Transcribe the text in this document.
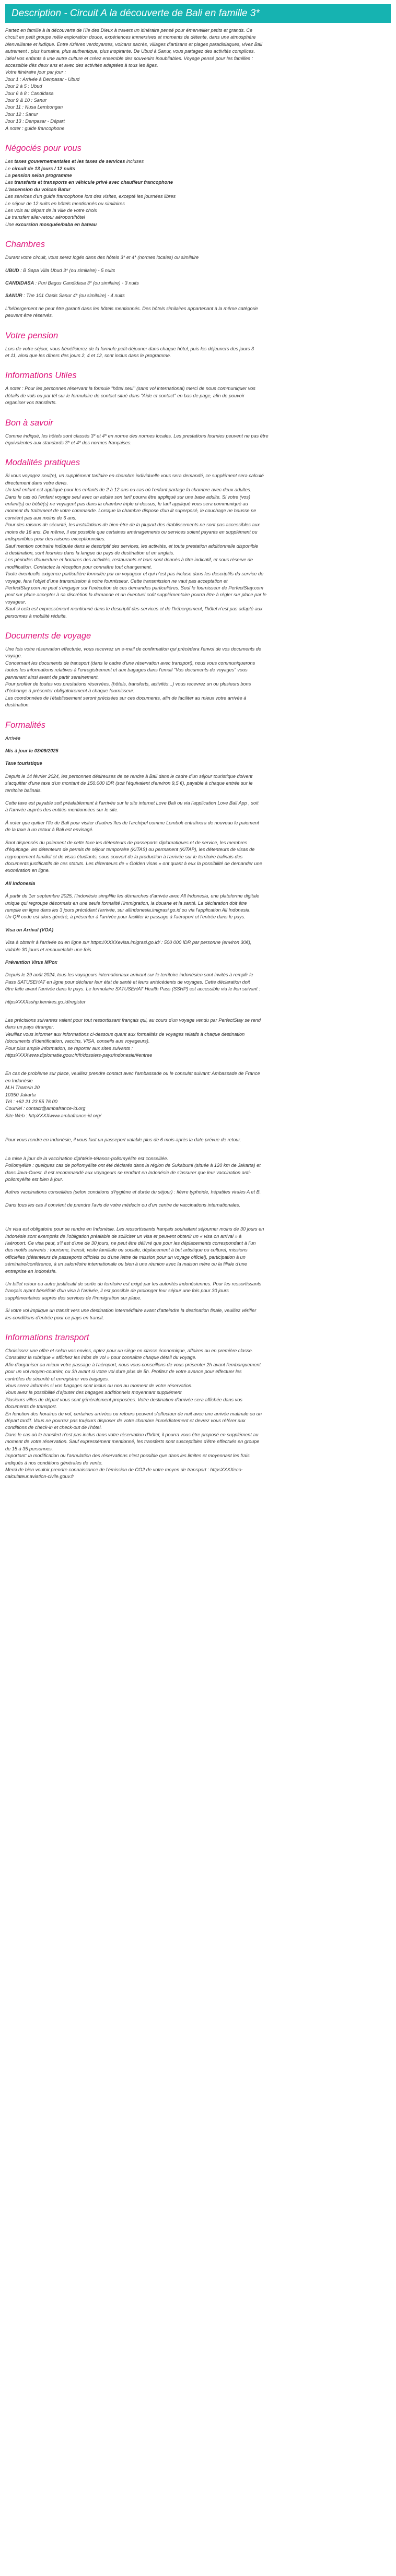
Description - Circuit A la découverte de Bali en famille 3*

Partez en famille à la découverte de l'île des Dieux à travers un itinéraire pensé pour émerveiller petits et grands. Ce

circuit en petit groupe mêle exploration douce, expériences immersives et moments de détente, dans une atmosphère

bienveillante et ludique. Entre rizières verdoyantes, volcans sacrés, villages d'artisans et plages paradisiaques, vivez Bali

autrement : plus humaine, plus authentique, plus inspirante. De Ubud à Sanur, vous partagez des activités complices.

Idéal vos enfants à une autre culture et créez ensemble des souvenirs inoubliables. Voyage pensé pour les familles :

accessible dès deux ans et avec des activités adaptées à tous les âges.

Votre itinéraire jour par jour :

Jour 1 : Arrivée à Denpasar - Ubud

Jour 2 à 5 : Ubud

Jour 6 à 8 : Candidasa

Jour 9 & 10 : Sanur

Jour 11 : Nusa Lembongan

Jour 12 : Sanur

Jour 13 : Denpasar - Départ

À noter : guide francophone

Négociés pour vous

Les taxes gouvernementales et les taxes de services incluses

Le circuit de 13 jours / 12 nuits

La pension selon programme

Les transferts et transports en véhicule privé avec chauffeur francophone

L'ascension du volcan Batur

Les services d'un guide francophone lors des visites, excepté les journées libres

Le séjour de 12 nuits en hôtels mentionnés ou similaires

Les vols au départ de la ville de votre choix

Le transfert aller-retour aéroport/hôtel

Une excursion mosquée/baba en bateau

Chambres

Durant votre circuit, vous serez logés dans des hôtels 3* et 4* (normes locales) ou similaire

UBUD : B Sapa Villa Ubud 3* (ou similaire) - 5 nuits

CANDIDASA : Puri Bagus Candidasa 3* (ou similaire) - 3 nuits

SANUR : The 101 Oasis Sanur 4* (ou similaire) - 4 nuits

L'hébergement ne peut être garanti dans les hôtels mentionnés. Des hôtels similaires appartenant à la même catégorie

peuvent être réservés.

Votre pension

Lors de votre séjour, vous bénéficierez de la formule petit-déjeuner dans chaque hôtel, puis les déjeuners des jours 3

et 11, ainsi que les dîners des jours 2, 4 et 12, sont inclus dans le programme.

Informations Utiles

À noter : Pour les personnes réservant la formule "hôtel seul" (sans vol international) merci de nous communiquer vos

détails de vols ou par tél sur le formulaire de contact situé dans "Aide et contact" en bas de page, afin de pouvoir

organiser vos transferts.

Bon à savoir

Comme indiqué, les hôtels sont classés 3* et 4* en norme des normes locales. Les prestations fournies peuvent ne pas être

équivalentes aux standards 3* et 4* des normes françaises.

Modalités pratiques

Si vous voyagez seul(e), un supplément tarifaire en chambre individuelle vous sera demandé, ce supplément sera calculé

directement dans votre devis.

Un tarif enfant est appliqué pour les enfants de 2 à 12 ans ou cas où l'enfant partage la chambre avec deux adultes.

Dans le cas où l'enfant voyage seul avec un adulte son tarif pourra être appliqué sur une base adulte. Si votre (vos)

enfant(s) ou bébé(s) ne voyagent pas dans la chambre triple ci-dessus, le tarif appliqué vous sera communiqué au

moment du traitement de votre commande. Lorsque la chambre dispose d'un lit superposé, le couchage ne hausse ne

convient pas aux moins de 6 ans.

Pour des raisons de sécurité, les installations de bien-être de la plupart des établissements ne sont pas accessibles aux

moins de 16 ans. De même, il est possible que certaines aménagements ou services soient payants en supplément ou

indisponibles pour des raisons exceptionnelles.

Sauf mention contraire indiquée dans le descriptif des services, les activités, et toute prestation additionnelle disponible

à destination, sont fournies dans la langue du pays de destination et en anglais.

Les périodes d'ouverture et horaires des activités, restaurants et bars sont donnés à titre indicatif, et sous réserve de

modification. Contactez la réception pour connaître tout changement.

Toute éventuelle exigence particulière formulée par un voyageur et qui n'est pas incluse dans les descriptifs du service de

voyage, fera l'objet d'une transmission à notre fournisseur. Cette transmission ne vaut pas acceptation et

PerfectStay.com ne peut s'engager sur l'exécution de ces demandes particulières. Seul le fournisseur de PerfectStay.com

peut sur place accepter à sa discrétion la demande et un éventuel coût supplémentaire pourra être à régler sur place par le

voyageur.

Sauf si cela est expressément mentionné dans le descriptif des services et de l'hébergement, l'hôtel n'est pas adapté aux

personnes à mobilité réduite.

Documents de voyage

Une fois votre réservation effectuée, vous recevrez un e-mail de confirmation qui précèdera l'envoi de vos documents de

voyage.

Concernant les documents de transport (dans le cadre d'une réservation avec transport), nous vous communiquerons

toutes les informations relatives à l'enregistrement et aux bagages dans l'email "Vos documents de voyages" vous

parvenant ainsi avant de partir sereinement.

Pour profiter de toutes vos prestations réservées, (hôtels, transferts, activités...) vous recevrez un ou plusieurs bons

d'échange à présenter obligatoirement à chaque fournisseur.

Les coordonnées de l'établissement seront précisées sur ces documents, afin de faciliter au mieux votre arrivée à

destination.

Formalités

Arrivée

Mis à jour le 03/09/2025

Taxe touristique

Depuis le 14 février 2024, les personnes désireuses de se rendre à Bali dans le cadre d'un séjour touristique doivent

s'acquitter d'une taxe d'un montant de 150.000 IDR (soit l'équivalent d'environ 9,5 €), payable à chaque entrée sur le

territoire balinais.

Cette taxe est payable soit préalablement à l'arrivée sur le site internet Love Bali ou via l'application Love Bali App , soit

à l'arrivée auprès des entités mentionnées sur le site.

À noter que quitter l'île de Bali pour visiter d'autres îles de l'archipel comme Lombok entraînera de nouveau le paiement

de la taxe à un retour à Bali est envisagé.

Sont dispensés du paiement de cette taxe les détenteurs de passeports diplomatiques et de service, les membres

d'équipage, les détenteurs de permis de séjour temporaire (KITAS) ou permanent (KITAP), les détenteurs de visas de

regroupement familial et de visas étudiants, sous couvert de la production à l'arrivée sur le territoire balinais des

documents justificatifs de ces statuts. Les détenteurs de « Golden visas » ont quant à eux la possibilité de demander une

exonération en ligne.

All Indonesia

À partir du 1er septembre 2025, l'Indonésie simplifie les démarches d'arrivée avec All Indonesia, une plateforme digitale

unique qui regroupe désormais en une seule formalité l'immigration, la douane et la santé. La déclaration doit être

remplie en ligne dans les 3 jours précédant l'arrivée, sur allindonesia.imigrasi.go.id ou via l'application All Indonesia.

Un QR code est alors généré, à présenter à l'arrivée pour faciliter le passage à l'aéroport et l'entrée dans le pays.

Visa on Arrival (VOA)

Visa à obtenir à l'arrivée ou en ligne sur https://XXXXevisa.imigrasi.go.id/ : 500 000 IDR par personne (environ 30€),

valable 30 jours et renouvelable une fois.

Prévention Virus MPox

Depuis le 29 août 2024, tous les voyageurs internationaux arrivant sur le territoire indonésien sont invités à remplir le

Pass SATUSEHAT en ligne pour déclarer leur état de santé et leurs antécédents de voyages. Cette déclaration doit

être faite avant l'arrivée dans le pays. Le formulaire SATUSEHAT Health Pass (SSHP) est accessible via le lien suivant :

httpsXXXXsshp.kemkes.go.id/register

Les précisions suivantes valent pour tout ressortissant français qui, au cours d'un voyage vendu par PerfectStay se rend

dans un pays étranger.

Veuillez vous informer aux informations ci-dessous quant aux formalités de voyages relatifs à chaque destination

(documents d'identification, vaccins, VISA, conseils aux voyageurs).

Pour plus ample information, se reporter aux sites suivants :

httpsXXXXwww.diplomatie.gouv.fr/fr/dossiers-pays/indonesie/#entree

En cas de problème sur place, veuillez prendre contact avec l'ambassade ou le consulat suivant: Ambassade de France

en Indonésie

M.H Thamrin 20

10350 Jakarta

Tél : +62 21 23 55 76 00

Courriel : contact@ambafrance-id.org

Site Web : httpXXXXwww.ambafrance-id.org/

Pour vous rendre en Indonésie, il vous faut un passeport valable plus de 6 mois après la date prévue de retour.

La mise à jour de la vaccination diphtérie-tétanos-poliomyélite est conseillée.

Poliomyélite : quelques cas de poliomyélite ont été déclarés dans la région de Sukabumi (située à 120 km de Jakarta) et

dans Java-Ouest. Il est recommandé aux voyageurs se rendant en Indonésie de s'assurer que leur vaccination anti-

poliomyélite est bien à jour.

Autres vaccinations conseillées (selon conditions d'hygiène et durée du séjour) : fièvre typhoïde, hépatites virales A et B.

Dans tous les cas il convient de prendre l'avis de votre médecin ou d'un centre de vaccinations internationales.

Un visa est obligatoire pour se rendre en Indonésie. Les ressortissants français souhaitant séjourner moins de 30 jours en

Indonésie sont exemptés de l'obligation préalable de solliciter un visa et peuvent obtenir un « visa on arrival » à

l'aéroport. Ce visa peut, s'il est d'une de 30 jours, ne peut être délivré que pour les déplacements correspondant à l'un

des motifs suivants : tourisme, transit, visite familiale ou sociale, déplacement à but artistique ou culturel, missions

officielles (détenteurs de passeports officiels ou d'une lettre de mission pour un voyage officiel), participation à un

séminaire/conférence, à un salon/foire internationale ou bien à une réunion avec la maison mère ou la filiale d'une

entreprise en Indonésie.

Un billet retour ou autre justificatif de sortie du territoire est exigé par les autorités indonésiennes. Pour les ressortissants

français ayant bénéficié d'un visa à l'arrivée, il est possible de prolonger leur séjour une fois pour 30 jours

supplémentaires auprès des services de l'immigration sur place.

Si votre vol implique un transit vers une destination intermédiaire avant d'atteindre la destination finale, veuillez vérifier

les conditions d'entrée pour ce pays en transit.

Informations transport

Choisissez une offre et selon vos envies, optez pour un siège en classe économique, affaires ou en première classe.

Consultez la rubrique « affichez les infos de vol » pour connaître chaque détail du voyage.

Afin d'organiser au mieux votre passage à l'aéroport, nous vous conseillons de vous présenter 2h avant l'embarquement

pour un vol moyen-courrier, ou 3h avant si votre vol dure plus de 5h. Profitez de votre avance pour effectuer les

contrôles de sécurité et enregistrer vos bagages.

Vous serez informés si vos bagages sont inclus ou non au moment de votre réservation.

Vous avez la possibilité d'ajouter des bagages additionnels moyennant supplément

Plusieurs villes de départ vous sont généralement proposées. Votre destination d'arrivée sera affichée dans vos

documents de transport.

En fonction des horaires de vol, certaines arrivées ou retours peuvent s'effectuer de nuit avec une arrivée matinale ou un

départ tardif. Vous ne pourrez pas toujours disposer de votre chambre immédiatement et devrez vous référer aux

conditions de check-in et check-out de l'hôtel.

Dans le cas où le transfert n'est pas inclus dans votre réservation d'hôtel, il pourra vous être proposé en supplément au

moment de votre réservation. Sauf expressément mentionné, les transferts sont susceptibles d'être effectués en groupe

de 15 à 35 personnes.

Important: la modification ou l'annulation des réservations n'est possible que dans les limites et moyennant les frais

indiqués à nos conditions générales de vente.

Merci de bien vouloir prendre connaissance de l'émission de CO2 de votre moyen de transport : httpsXXXXeco-

calculateur.aviation-civile.gouv.fr
